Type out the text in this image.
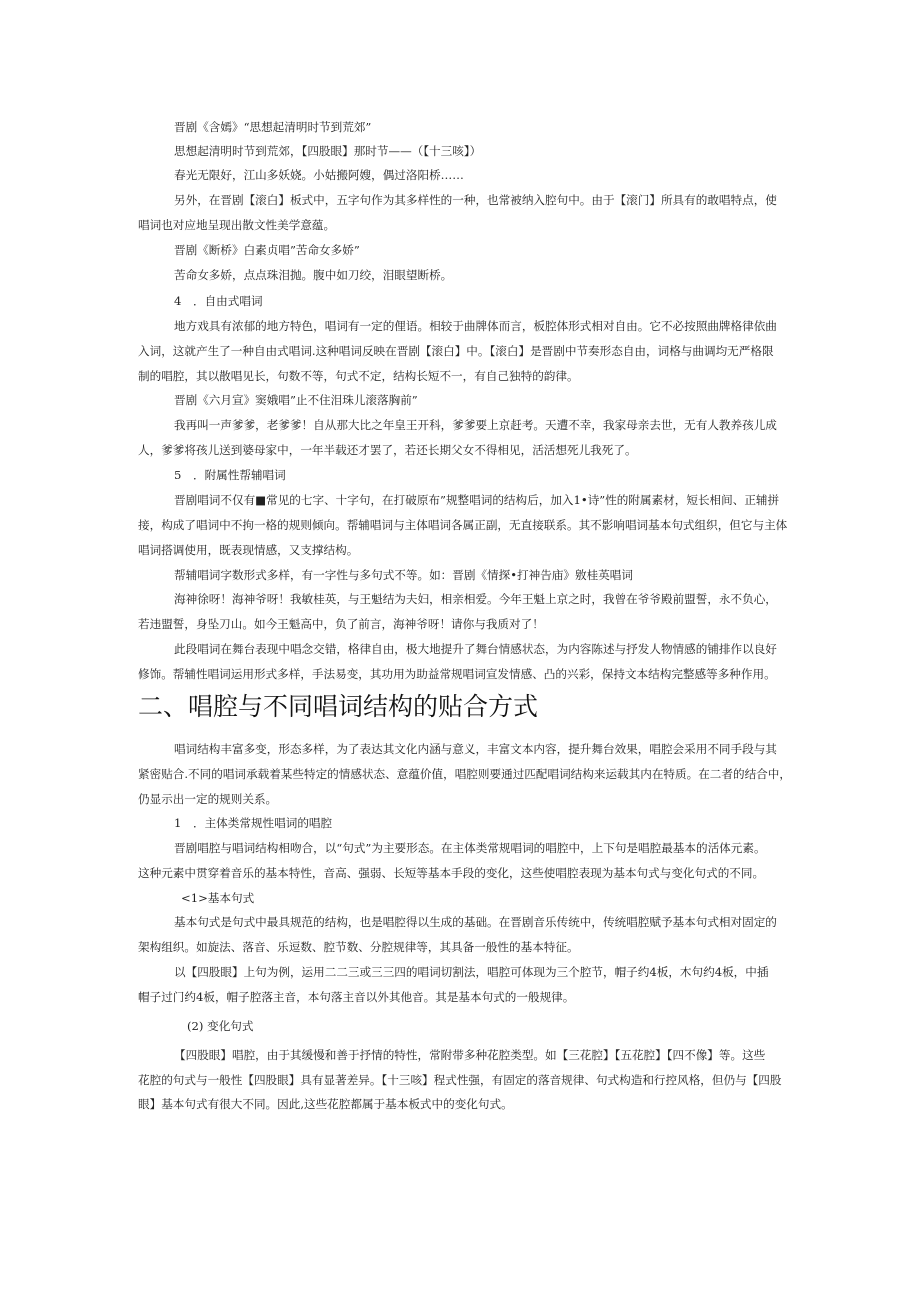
晋剧《含嫣》“思想起清明时节到荒郊”

思想起清明时节到荒郊，【四股眼】那时节——（【十三咳】）

春光无限好，江山多妖娆。小姑搬阿嫂，偶过洛阳桥……

另外，在晋剧【滚白】板式中，五字句作为其多样性的一种，也常被纳入腔句中。由于【滚门】所具有的敢唱特点，使

唱词也对应地呈现出散文性美学意蕴。

晋剧《断桥》白素贞唱”苦命女多娇”

苦命女多娇，点点珠泪抛。腹中如刀绞，泪眼望断桥。

4　．自由式唱词

地方戏具有浓郁的地方特色，唱词有一定的俚语。相较于曲牌体而言，板腔体形式相对自由。它不必按照曲牌格律依曲

入词，这就产生了一种自由式唱词.这种唱词反映在晋剧【滚白】中。【滚白】是晋剧中节奏形态自由，词格与曲调均无严格限

制的唱腔，其以散唱见长，句数不等，句式不定，结构长短不一，有自己独特的韵律。

晋剧《六月宣》窦娥唱”止不住泪珠儿滚落胸前”

我再叫一声爹爹，老爹爹！自从那大比之年皇王开科，爹爹要上京赶考。天遭不幸，我家母亲去世，无有人教养孩儿成

人，爹爹将孩儿送到婆母家中，一年半载还才罢了，若还长期父女不得相见，活活想死儿我死了。

5　．附属性帮辅唱词

晋剧唱词不仅有■常见的七字、十字句，在打破原布”规整唱词的结构后，加入1•诗”性的附属素材，短长相间、正辅拼

接，构成了唱词中不拘一格的规则倾向。帮辅唱词与主体唱词各属正副，无直接联系。其不影响唱词基本句式组织，但它与主体

唱词搭调使用，既表现情感，又支撑结构。

帮辅唱词字数形式多样，有一字性与多句式不等。如：晋剧《情探•打神告庙》敫桂英唱词

海神徐呀！海神爷呀！我敏桂英，与王魁结为夫妇，相亲相爱。今年王魁上京之时，我曾在爷爷殿前盟誓，永不负心，

若违盟誓，身坠刀山。如今王魁高中，负了前言，海神爷呀！请你与我质对了！

此段唱词在舞台表现中唱念交错，格律自由，极大地提升了舞台情感状态，为内容陈述与抒发人物情感的铺排作以良好

修饰。帮辅性唱词运用形式多样，手法易变，其功用为助益常规唱词宣发情感、凸的兴彩，保持文本结构完整感等多种作用。

二、唱腔与不同唱词结构的贴合方式

唱词结构丰富多变，形态多样，为了表达其文化内涵与意义，丰富文本内容，提升舞台效果，唱腔会采用不同手段与其

紧密贴合.不同的唱词承载着某些特定的情感状态、意蕴价值，唱腔则要通过匹配唱词结构来运载其内在特质。在二者的结合中，

仍显示出一定的规则关系。

1　．主体类常规性唱词的唱腔

晋剧唱腔与唱词结构相吻合，以“句式”为主要形态。在主体类常规唱词的唱腔中，上下句是唱腔最基本的活体元素。

这种元素中贯穿着音乐的基本特性，音高、强弱、长短等基本手段的变化，这些使唱腔表现为基本句式与变化句式的不同。

<1>基本句式

基本句式是句式中最具规范的结构，也是唱腔得以生成的基础。在晋剧音乐传统中，传统唱腔赋予基本句式相对固定的

架构组织。如旋法、落音、乐逗数、腔节数、分腔规律等，其具备一般性的基本特征。

以【四股眼】上句为例，运用二二三或三三四的唱词切割法，唱腔可体现为三个腔节，帽子约4板，木句约4板，中插

帽子过门约4板，帽子腔落主音，本句落主音以外其他音。其是基本句式的一般规律。

(2) 变化句式

【四股眼】唱腔，由于其缓慢和善于抒情的特性，常附带多种花腔类型。如【三花腔】【五花腔】【四不像】等。这些

花腔的句式与一般性【四股眼】具有显著差异。【十三咳】程式性强，有固定的落音规律、句式构造和行控风格，但仍与【四股

眼】基本句式有很大不同。因此,这些花腔都属于基本板式中的变化句式。
